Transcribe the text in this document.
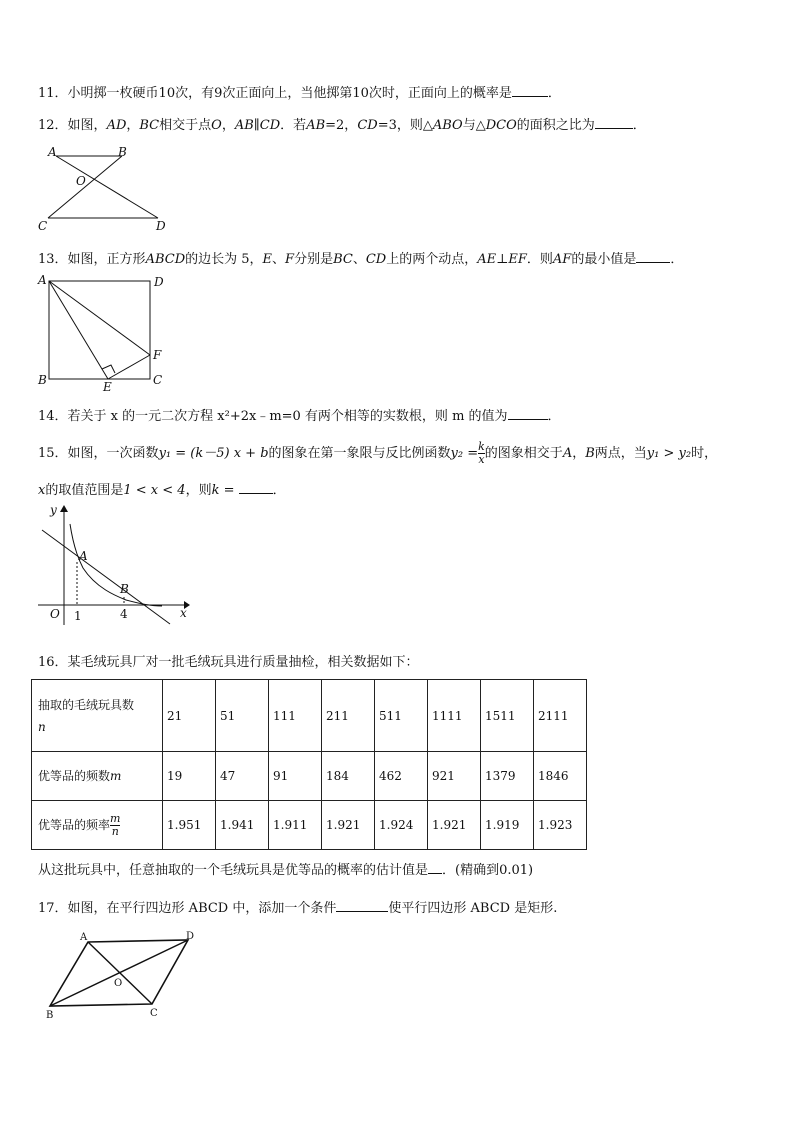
11．小明掷一枚硬币10次，有9次正面向上，当他掷第10次时，正面向上的概率是	．
12．如图，AD，BC相交于点O，AB∥CD．若AB=2，CD=3，则△ABO与△DCO的面积之比为	．
A	B
O
C	D
13．如图，正方形ABCD的边长为 5，E、F分别是BC、CD上的两个动点，AE⊥EF．则AF的最小值是	．
A	D
F
B	E	C
14．若关于 x 的一元二次方程 x²+2x﹣m=0 有两个相等的实数根，则 m 的值为	．
15．如图，一次函数y₁ = (k－5) x + b的图象在第一象限与反比例函数$y_2 = \frac{k}{x}$ 的图象相交于A，B两点，当y₁ > y₂时，
x的取值范围是1 < x < 4，则k =	．
y
x
O
A
B
1	4
16．某毛绒玩具厂对一批毛绒玩具进行质量抽检，相关数据如下：
抽取的毛绒玩具数
n	21	51	111	211	511	1111	1511	2111
优等品的频数m	19	47	91	184	462	921	1379	1846
优等品的频率 $\frac{m}{n}$	1.951	1.941	1.911	1.921	1.924	1.921	1.919	1.923
从这批玩具中，任意抽取的一个毛绒玩具是优等品的概率的估计值是 ．(精确到0.01)
17．如图，在平行四边形 ABCD 中，添加一个条件	使平行四边形 ABCD 是矩形.
A	D
O
B	C
